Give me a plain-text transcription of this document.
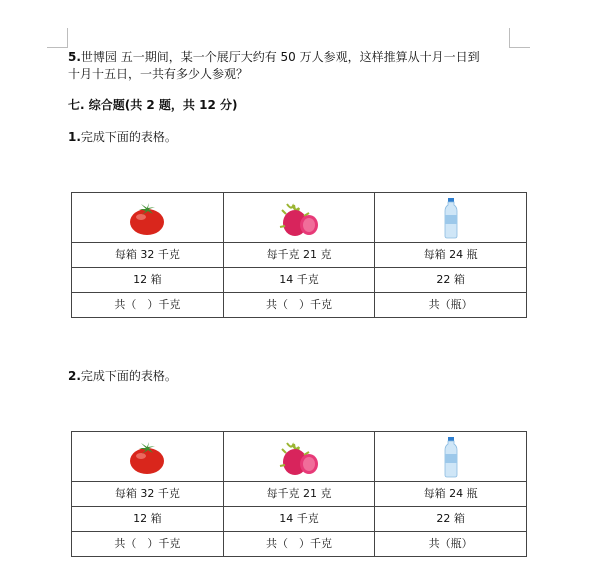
5.世博园 五一期间，某一个展厅大约有 50 万人参观，这样推算从十月一日到

十月十五日，一共有多少人参观？

七. 综合题(共 2 题，共 12 分)

1.完成下面的表格。

每箱 32 千克	每千克 21 克	每箱 24 瓶
12 箱	14 千克	22 箱
共（　）千克	共（　）千克	共（瓶）

2.完成下面的表格。

每箱 32 千克	每千克 21 克	每箱 24 瓶
12 箱	14 千克	22 箱
共（　）千克	共（　）千克	共（瓶）
